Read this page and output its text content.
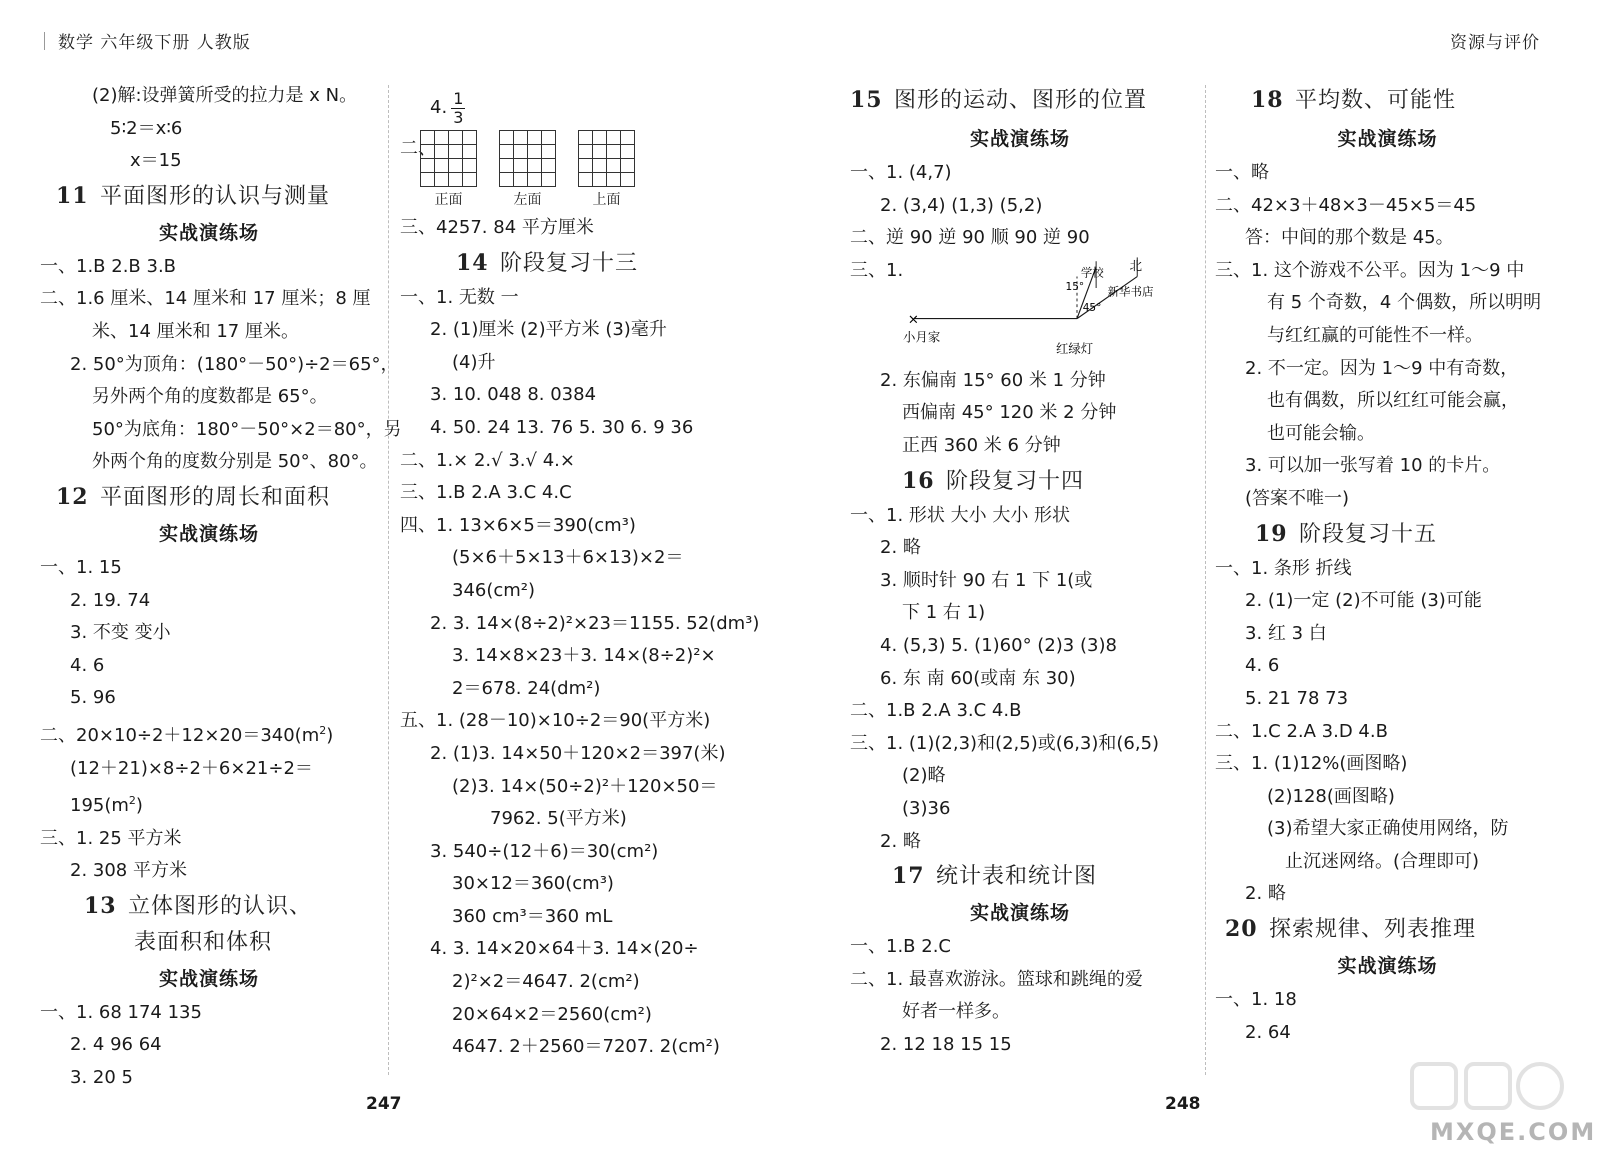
数学 六年级下册 人教版	资源与评价
(2)解:设弹簧所受的拉力是 x N。
5∶2＝x∶6
x＝15
11 平面图形的认识与测量
实战演练场
一、1.B 2.B 3.B
二、1.6 厘米、14 厘米和 17 厘米；8 厘
米、14 厘米和 17 厘米。
2. 50°为顶角：(180°－50°)÷2＝65°，
另外两个角的度数都是 65°。
50°为底角：180°－50°×2＝80°，另
外两个角的度数分别是 50°、80°。
12 平面图形的周长和面积
实战演练场
一、1. 15
2. 19. 74
3. 不变 变小
4. 6
5. 96
二、$20\times 10\div 2+12\times 20=340(m^2)$
(12＋21)×8÷2＋6×21÷2＝
$195(m^2)$
三、1. 25 平方米
2. 308 平方米
13 立体图形的认识、
表面积和体积
实战演练场
一、1. 68 174 135
2. 4 96 64
3. 20 5
4. $\frac{1}{3}$
二、
正面	左面	上面
三、4257. 84 平方厘米
14 阶段复习十三
一、1. 无数 一
2. (1)厘米 (2)平方米 (3)毫升
(4)升
3. 10. 048 8. 0384
4. 50. 24 13. 76 5. 30 6. 9 36
二、1.× 2.√ 3.√ 4.×
三、1.B 2.A 3.C 4.C
四、1. 13×6×5＝390(cm³)
(5×6＋5×13＋6×13)×2＝
346(cm²)
2. 3. 14×(8÷2)²×23＝1155. 52(dm³)
3. 14×8×23＋3. 14×(8÷2)²×
2＝678. 24(dm²)
五、1. (28－10)×10÷2＝90(平方米)
2. (1)3. 14×50＋120×2＝397(米)
(2)3. 14×(50÷2)²＋120×50＝
7962. 5(平方米)
3. 540÷(12＋6)＝30(cm²)
30×12＝360(cm³)
360 cm³＝360 mL
4. 3. 14×20×64＋3. 14×(20÷
2)²×2＝4647. 2(cm²)
20×64×2＝2560(cm²)
4647. 2＋2560＝7207. 2(cm²)
15 图形的运动、图形的位置
实战演练场
一、1. (4,7)
2. (3,4) (1,3) (5,2)
二、逆 90 逆 90 顺 90 逆 90
三、1.
×
北
学校
15° 新华书店
45°
小月家
红绿灯
2. 东偏南 15° 60 米 1 分钟
西偏南 45° 120 米 2 分钟
正西 360 米 6 分钟
16 阶段复习十四
一、1. 形状 大小 大小 形状
2. 略
3. 顺时针 90 右 1 下 1(或
下 1 右 1)
4. (5,3) 5. (1)60° (2)3 (3)8
6. 东 南 60(或南 东 30)
二、1.B 2.A 3.C 4.B
三、1. (1)(2,3)和(2,5)或(6,3)和(6,5)
(2)略
(3)36
2. 略
17 统计表和统计图
实战演练场
一、1.B 2.C
二、1. 最喜欢游泳。篮球和跳绳的爱
好者一样多。
2. 12 18 15 15
18 平均数、可能性
实战演练场
一、略
二、42×3＋48×3－45×5＝45
答：中间的那个数是 45。
三、1. 这个游戏不公平。因为 1～9 中
有 5 个奇数，4 个偶数，所以明明
与红红赢的可能性不一样。
2. 不一定。因为 1～9 中有奇数，
也有偶数，所以红红可能会赢，
也可能会输。
3. 可以加一张写着 10 的卡片。
(答案不唯一)
19 阶段复习十五
一、1. 条形 折线
2. (1)一定 (2)不可能 (3)可能
3. 红 3 白
4. 6
5. 21 78 73
二、1.C 2.A 3.D 4.B
三、1. (1)12%(画图略)
(2)128(画图略)
(3)希望大家正确使用网络，防
止沉迷网络。(合理即可)
2. 略
20 探索规律、列表推理
实战演练场
一、1. 18
2. 64
247	248
MXQE.COM
